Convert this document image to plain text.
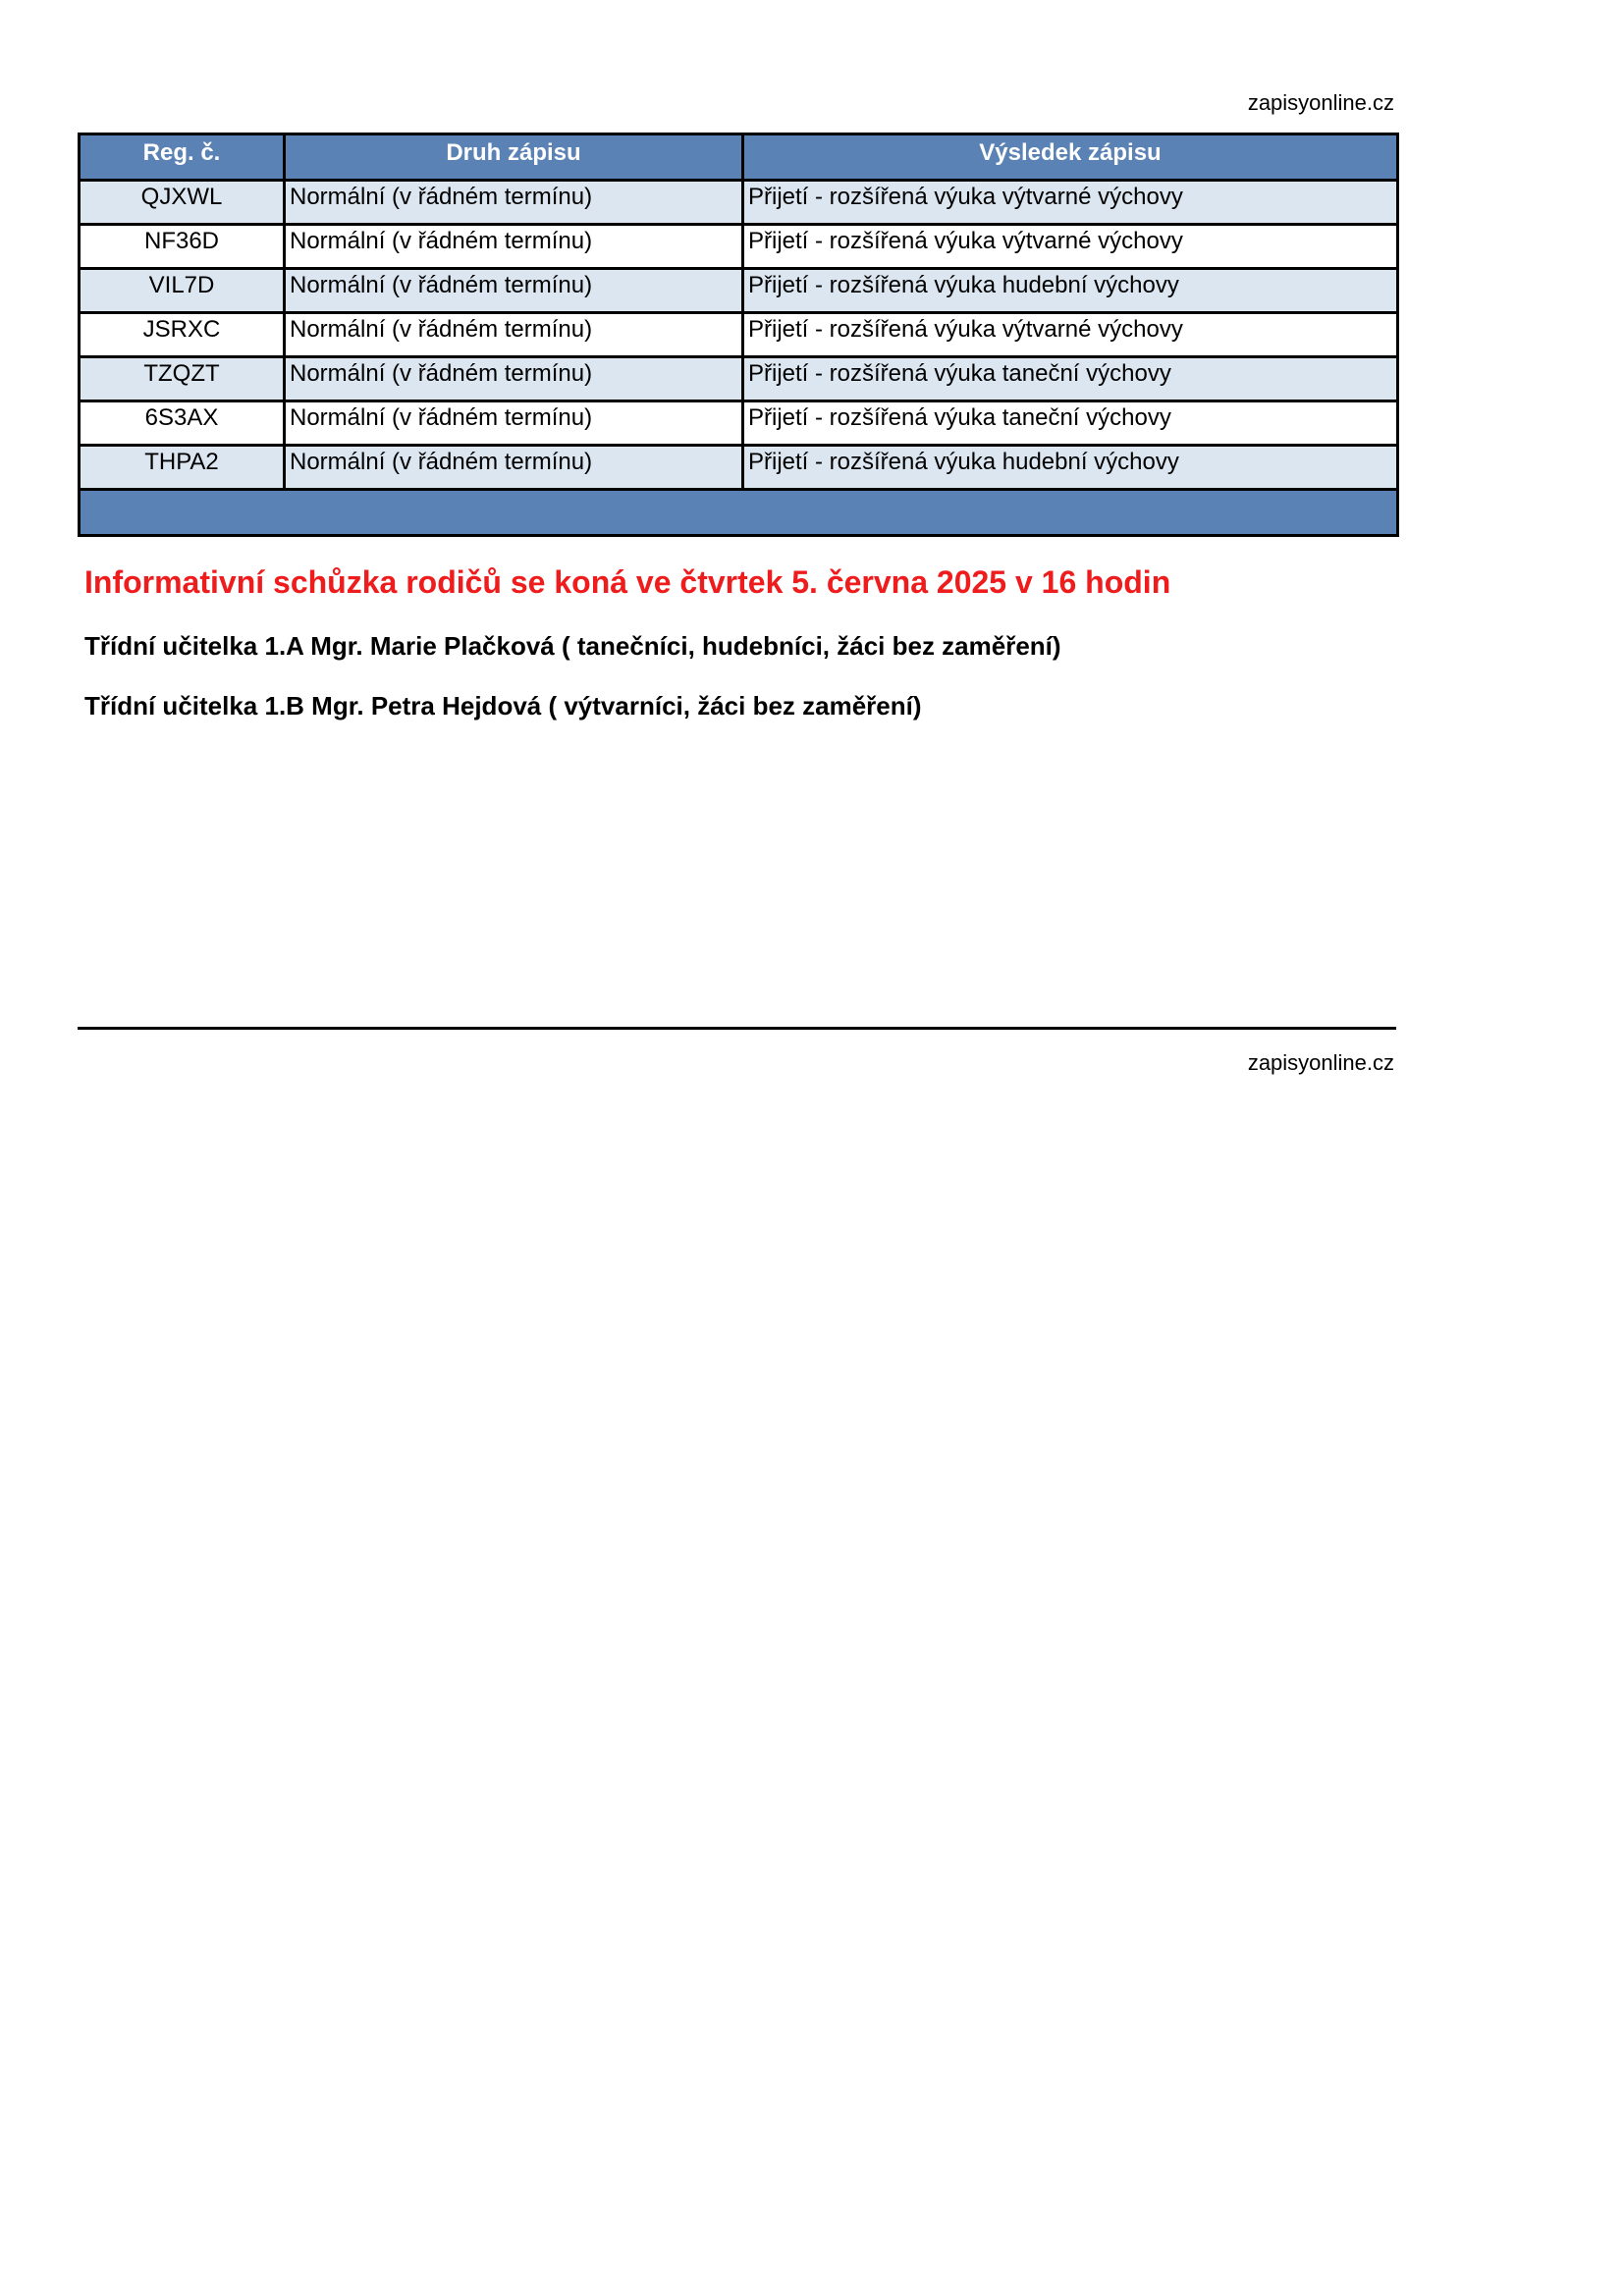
zapisyonline.cz
Reg. č.	Druh zápisu	Výsledek zápisu
QJXWL	Normální (v řádném termínu)	Přijetí - rozšířená výuka výtvarné výchovy
NF36D	Normální (v řádném termínu)	Přijetí - rozšířená výuka výtvarné výchovy
VIL7D	Normální (v řádném termínu)	Přijetí - rozšířená výuka hudební výchovy
JSRXC	Normální (v řádném termínu)	Přijetí - rozšířená výuka výtvarné výchovy
TZQZT	Normální (v řádném termínu)	Přijetí - rozšířená výuka taneční výchovy
6S3AX	Normální (v řádném termínu)	Přijetí - rozšířená výuka taneční výchovy
THPA2	Normální (v řádném termínu)	Přijetí - rozšířená výuka hudební výchovy

Informativní schůzka rodičů se koná ve čtvrtek 5. června 2025 v 16 hodin
Třídní učitelka 1.A Mgr. Marie Plačková ( taneční​ci, hudebníci, žáci bez zaměření)
Třídní učitelka 1.B Mgr. Petra Hejdová ( výtvarníci, žáci bez zaměření)
zapisyonline.cz
